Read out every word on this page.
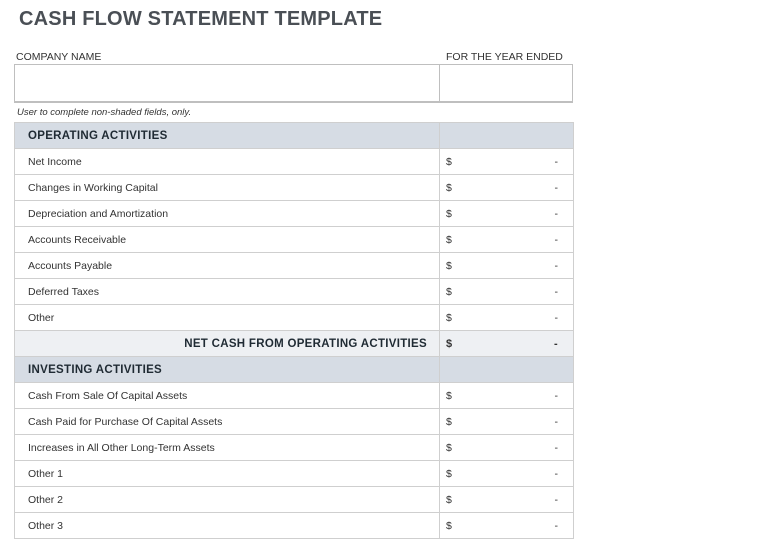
CASH FLOW STATEMENT TEMPLATE
COMPANY NAME	FOR THE YEAR ENDED
User to complete non-shaded fields, only.
OPERATING ACTIVITIES	
Net Income	$ -

Changes in Working Capital	$ -

Depreciation and Amortization	$ -

Accounts Receivable	$ -

Accounts Payable	$ -

Deferred Taxes	$ -

Other	$ -

NET CASH FROM OPERATING ACTIVITIES	$ -

INVESTING ACTIVITIES	
Cash From Sale Of Capital Assets	$ -

Cash Paid for Purchase Of Capital Assets	$ -

Increases in All Other Long-Term Assets	$ -

Other 1	$ -

Other 2	$ -

Other 3	$ -
